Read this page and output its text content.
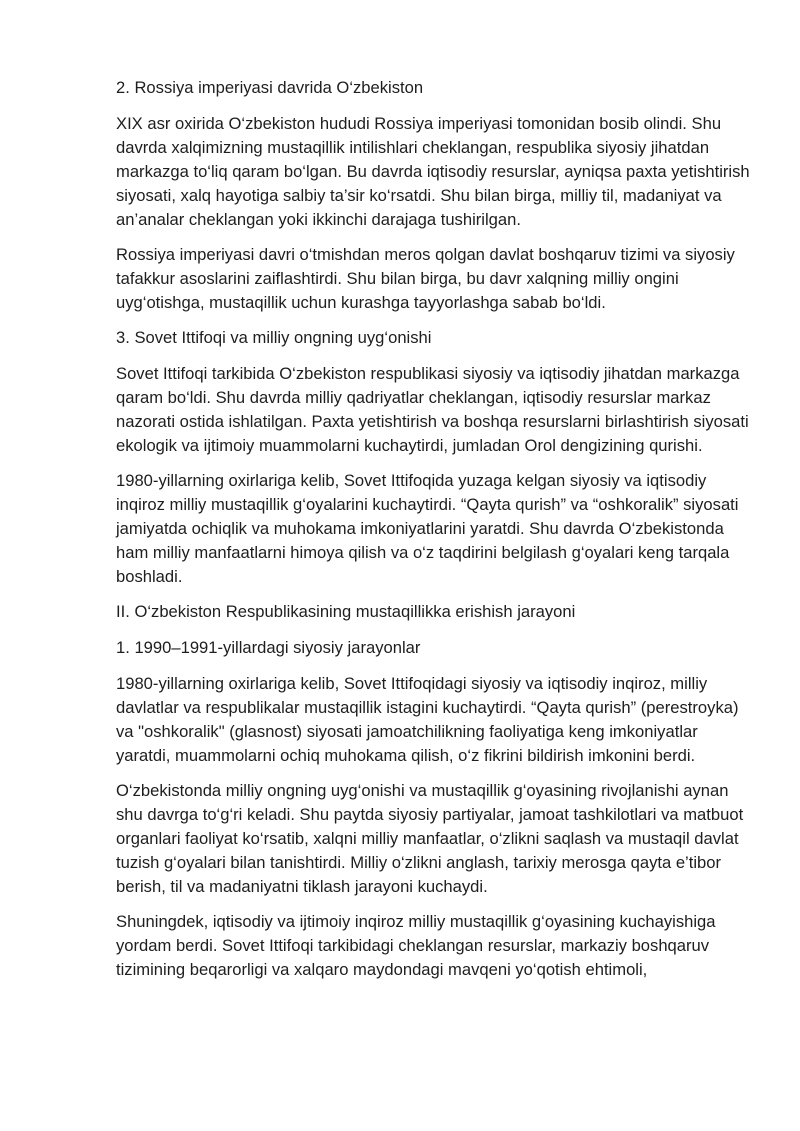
2. Rossiya imperiyasi davrida O‘zbekiston

XIX asr oxirida O‘zbekiston hududi Rossiya imperiyasi tomonidan bosib olindi. Shu davrda xalqimizning mustaqillik intilishlari cheklangan, respublika siyosiy jihatdan markazga to‘liq qaram bo‘lgan. Bu davrda iqtisodiy resurslar, ayniqsa paxta yetishtirish siyosati, xalq hayotiga salbiy ta’sir ko‘rsatdi. Shu bilan birga, milliy til, madaniyat va an’analar cheklangan yoki ikkinchi darajaga tushirilgan.

Rossiya imperiyasi davri o‘tmishdan meros qolgan davlat boshqaruv tizimi va siyosiy tafakkur asoslarini zaiflashtirdi. Shu bilan birga, bu davr xalqning milliy ongini uyg‘otishga, mustaqillik uchun kurashga tayyorlashga sabab bo‘ldi.

3. Sovet Ittifoqi va milliy ongning uyg‘onishi

Sovet Ittifoqi tarkibida O‘zbekiston respublikasi siyosiy va iqtisodiy jihatdan markazga qaram bo‘ldi. Shu davrda milliy qadriyatlar cheklangan, iqtisodiy resurslar markaz nazorati ostida ishlatilgan. Paxta yetishtirish va boshqa resurslarni birlashtirish siyosati ekologik va ijtimoiy muammolarni kuchaytirdi, jumladan Orol dengizining qurishi.

1980-yillarning oxirlariga kelib, Sovet Ittifoqida yuzaga kelgan siyosiy va iqtisodiy inqiroz milliy mustaqillik g‘oyalarini kuchaytirdi. “Qayta qurish” va “oshkoralik” siyosati jamiyatda ochiqlik va muhokama imkoniyatlarini yaratdi. Shu davrda O‘zbekistonda ham milliy manfaatlarni himoya qilish va o‘z taqdirini belgilash g‘oyalari keng tarqala boshladi.

II. O‘zbekiston Respublikasining mustaqillikka erishish jarayoni

1. 1990–1991-yillardagi siyosiy jarayonlar

1980-yillarning oxirlariga kelib, Sovet Ittifoqidagi siyosiy va iqtisodiy inqiroz, milliy davlatlar va respublikalar mustaqillik istagini kuchaytirdi. “Qayta qurish” (perestroyka) va "oshkoralik" (glasnost) siyosati jamoatchilikning faoliyatiga keng imkoniyatlar yaratdi, muammolarni ochiq muhokama qilish, o‘z fikrini bildirish imkonini berdi.

O‘zbekistonda milliy ongning uyg‘onishi va mustaqillik g‘oyasining rivojlanishi aynan shu davrga to‘g‘ri keladi. Shu paytda siyosiy partiyalar, jamoat tashkilotlari va matbuot organlari faoliyat ko‘rsatib, xalqni milliy manfaatlar, o‘zlikni saqlash va mustaqil davlat tuzish g‘oyalari bilan tanishtirdi. Milliy o‘zlikni anglash, tarixiy merosga qayta e’tibor berish, til va madaniyatni tiklash jarayoni kuchaydi.

Shuningdek, iqtisodiy va ijtimoiy inqiroz milliy mustaqillik g‘oyasining kuchayishiga yordam berdi. Sovet Ittifoqi tarkibidagi cheklangan resurslar, markaziy boshqaruv tizimining beqarorligi va xalqaro maydondagi mavqeni yo‘qotish ehtimoli,
